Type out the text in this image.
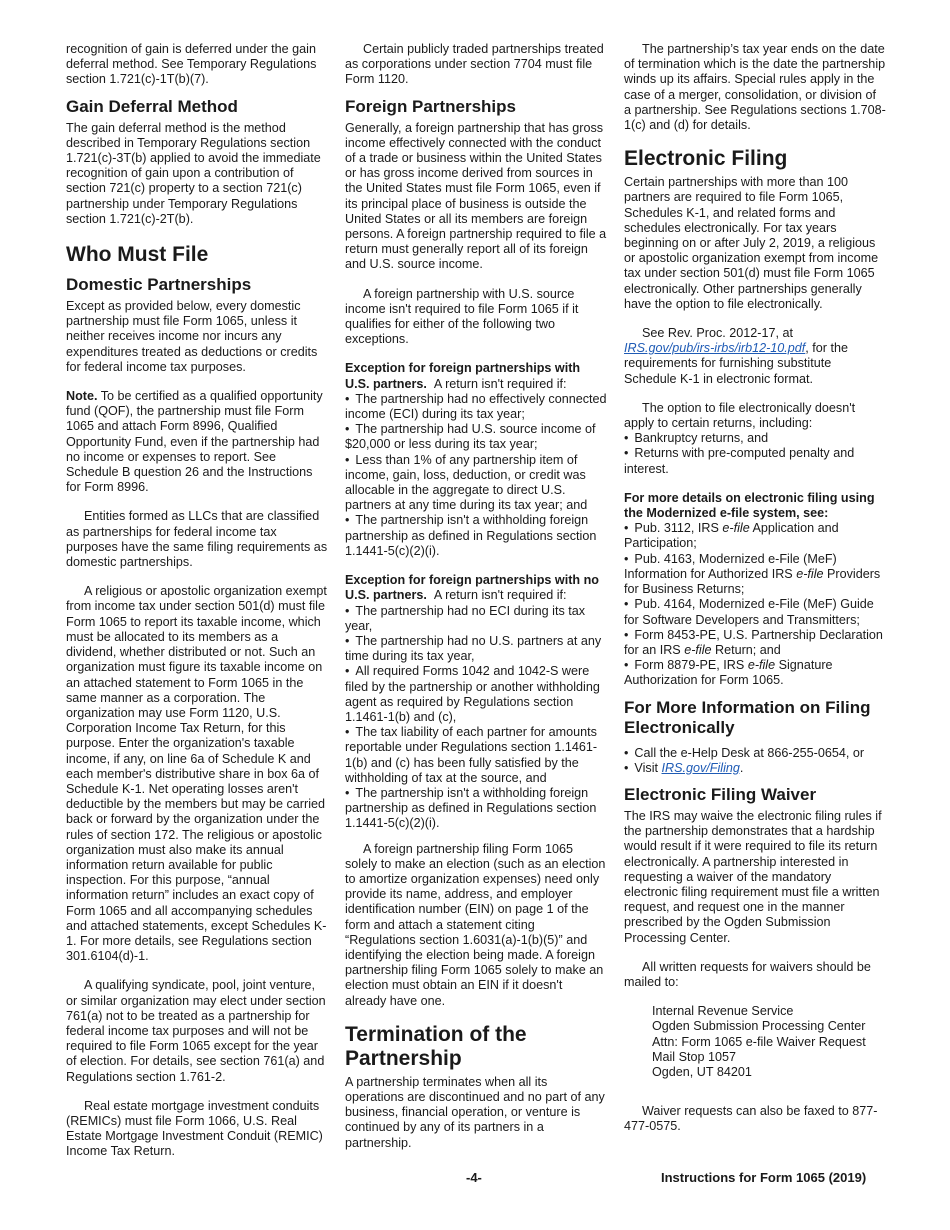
recognition of gain is deferred under the gain deferral method. See Temporary Regulations section 1.721(c)-1T(b)(7).

Gain Deferral Method

The gain deferral method is the method described in Temporary Regulations section 1.721(c)-3T(b) applied to avoid the immediate recognition of gain upon a contribution of section 721(c) property to a section 721(c) partnership under Temporary Regulations section 1.721(c)-2T(b).

Who Must File
Domestic Partnerships

Except as provided below, every domestic partnership must file Form 1065, unless it neither receives income nor incurs any expenditures treated as deductions or credits for federal income tax purposes.

Note. To be certified as a qualified opportunity fund (QOF), the partnership must file Form 1065 and attach Form 8996, Qualified Opportunity Fund, even if the partnership had no income or expenses to report. See Schedule B question 26 and the Instructions for Form 8996.

Entities formed as LLCs that are classified as partnerships for federal income tax purposes have the same filing requirements as domestic partnerships.

A religious or apostolic organization exempt from income tax under section 501(d) must file Form 1065 to report its taxable income, which must be allocated to its members as a dividend, whether distributed or not. Such an organization must figure its taxable income on an attached statement to Form 1065 in the same manner as a corporation. The organization may use Form 1120, U.S. Corporation Income Tax Return, for this purpose. Enter the organization's taxable income, if any, on line 6a of Schedule K and each member's distributive share in box 6a of Schedule K-1. Net operating losses aren't deductible by the members but may be carried back or forward by the organization under the rules of section 172. The religious or apostolic organization must also make its annual information return available for public inspection. For this purpose, “annual information return” includes an exact copy of Form 1065 and all accompanying schedules and attached statements, except Schedules K-1. For more details, see Regulations section 301.6104(d)-1.

A qualifying syndicate, pool, joint venture, or similar organization may elect under section 761(a) not to be treated as a partnership for federal income tax purposes and will not be required to file Form 1065 except for the year of election. For details, see section 761(a) and Regulations section 1.761-2.

Real estate mortgage investment conduits (REMICs) must file Form 1066, U.S. Real Estate Mortgage Investment Conduit (REMIC) Income Tax Return.

Certain publicly traded partnerships treated as corporations under section 7704 must file Form 1120.

Foreign Partnerships

Generally, a foreign partnership that has gross income effectively connected with the conduct of a trade or business within the United States or has gross income derived from sources in the United States must file Form 1065, even if its principal place of business is outside the United States or all its members are foreign persons. A foreign partnership required to file a return must generally report all of its foreign and U.S. source income.

A foreign partnership with U.S. source income isn't required to file Form 1065 if it qualifies for either of the following two exceptions.

Exception for foreign partnerships with U.S. partners. A return isn't required if:

• The partnership had no effectively connected income (ECI) during its tax year;
• The partnership had U.S. source income of $20,000 or less during its tax year;
• Less than 1% of any partnership item of income, gain, loss, deduction, or credit was allocable in the aggregate to direct U.S. partners at any time during its tax year; and
• The partnership isn't a withholding foreign partnership as defined in Regulations section 1.1441-5(c)(2)(i).

Exception for foreign partnerships with no U.S. partners. A return isn't required if:

• The partnership had no ECI during its tax year,
• The partnership had no U.S. partners at any time during its tax year,
• All required Forms 1042 and 1042-S were filed by the partnership or another withholding agent as required by Regulations section 1.1461-1(b) and (c),
• The tax liability of each partner for amounts reportable under Regulations section 1.1461-1(b) and (c) has been fully satisfied by the withholding of tax at the source, and
• The partnership isn't a withholding foreign partnership as defined in Regulations section 1.1441-5(c)(2)(i).

A foreign partnership filing Form 1065 solely to make an election (such as an election to amortize organization expenses) need only provide its name, address, and employer identification number (EIN) on page 1 of the form and attach a statement citing “Regulations section 1.6031(a)-1(b)(5)” and identifying the election being made. A foreign partnership filing Form 1065 solely to make an election must obtain an EIN if it doesn't already have one.

Termination of the Partnership

A partnership terminates when all its operations are discontinued and no part of any business, financial operation, or venture is continued by any of its partners in a partnership.

The partnership’s tax year ends on the date of termination which is the date the partnership winds up its affairs. Special rules apply in the case of a merger, consolidation, or division of a partnership. See Regulations sections 1.708-1(c) and (d) for details.

Electronic Filing

Certain partnerships with more than 100 partners are required to file Form 1065, Schedules K-1, and related forms and schedules electronically. For tax years beginning on or after July 2, 2019, a religious or apostolic organization exempt from income tax under section 501(d) must file Form 1065 electronically. Other partnerships generally have the option to file electronically.

See Rev. Proc. 2012-17, at IRS.gov/pub/irs-irbs/irb12-10.pdf, for the requirements for furnishing substitute Schedule K-1 in electronic format.

The option to file electronically doesn't apply to certain returns, including:

• Bankruptcy returns, and
• Returns with pre-computed penalty and interest.

For more details on electronic filing using the Modernized e-file system, see:

• Pub. 3112, IRS e-file Application and Participation;
• Pub. 4163, Modernized e-File (MeF) Information for Authorized IRS e-file Providers for Business Returns;
• Pub. 4164, Modernized e-File (MeF) Guide for Software Developers and Transmitters;
• Form 8453-PE, U.S. Partnership Declaration for an IRS e-file Return; and
• Form 8879-PE, IRS e-file Signature Authorization for Form 1065.
For More Information on Filing Electronically
• Call the e-Help Desk at 866-255-0654, or
• Visit IRS.gov/Filing.
Electronic Filing Waiver

The IRS may waive the electronic filing rules if the partnership demonstrates that a hardship would result if it were required to file its return electronically. A partnership interested in requesting a waiver of the mandatory electronic filing requirement must file a written request, and request one in the manner prescribed by the Ogden Submission Processing Center.

All written requests for waivers should be mailed to:

Internal Revenue Service
Ogden Submission Processing Center
Attn: Form 1065 e-file Waiver Request
Mail Stop 1057
Ogden, UT 84201

Waiver requests can also be faxed to 877-477-0575.

-4-	Instructions for Form 1065 (2019)
